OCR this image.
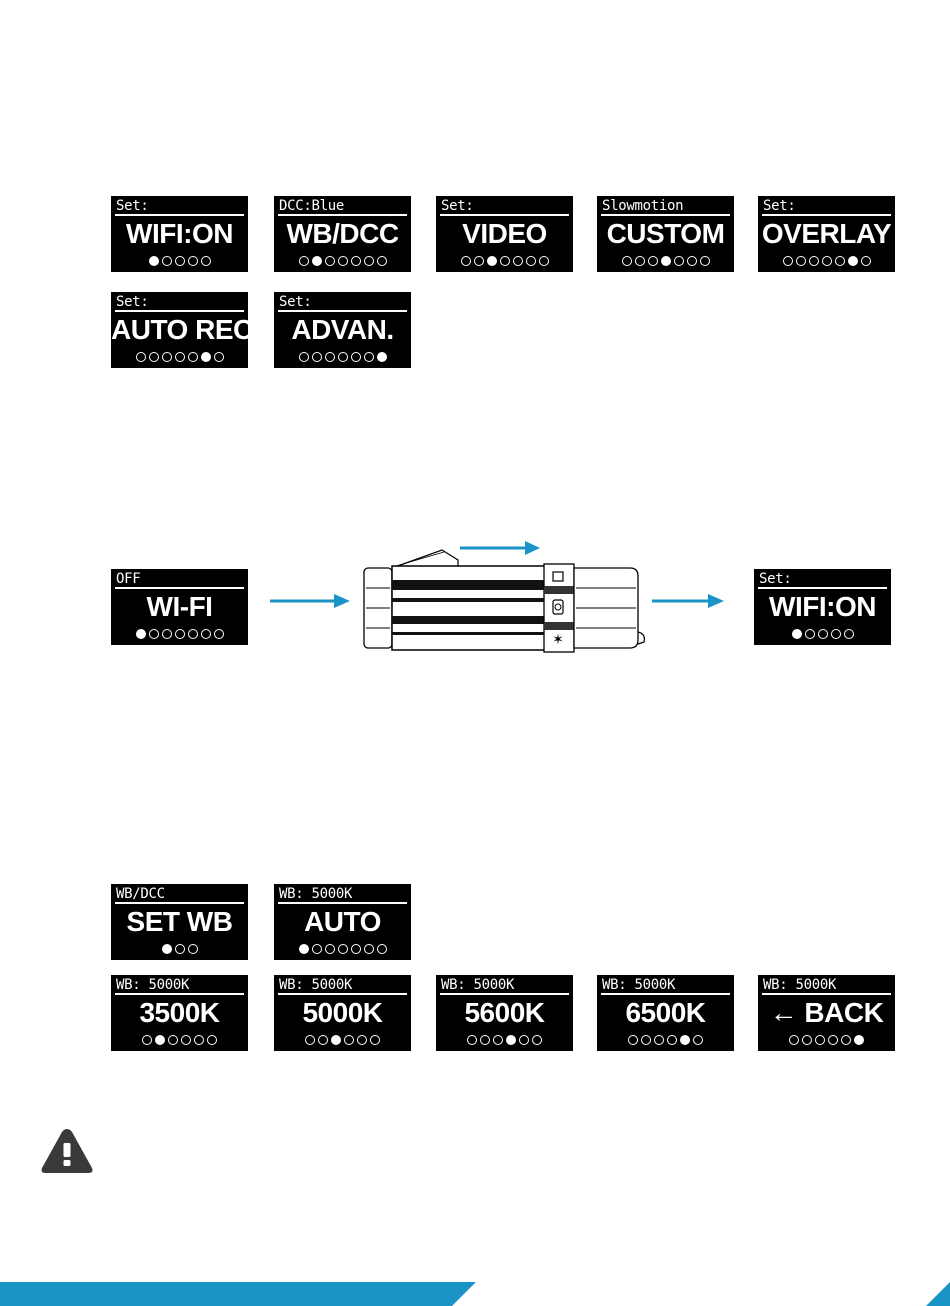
Set:
WIFI:ON
DCC:Blue
WB/DCC
Set:
VIDEO
Slowmotion
CUSTOM
Set:
OVERLAY
Set:
AUTO REC.
Set:
ADVAN.
OFF
WI-FI
✶
Set:
WIFI:ON
WB/DCC
SET WB
WB: 5000K
AUTO
WB: 5000K
3500K
WB: 5000K
5000K
WB: 5000K
5600K
WB: 5000K
6500K
WB: 5000K
← BACK
